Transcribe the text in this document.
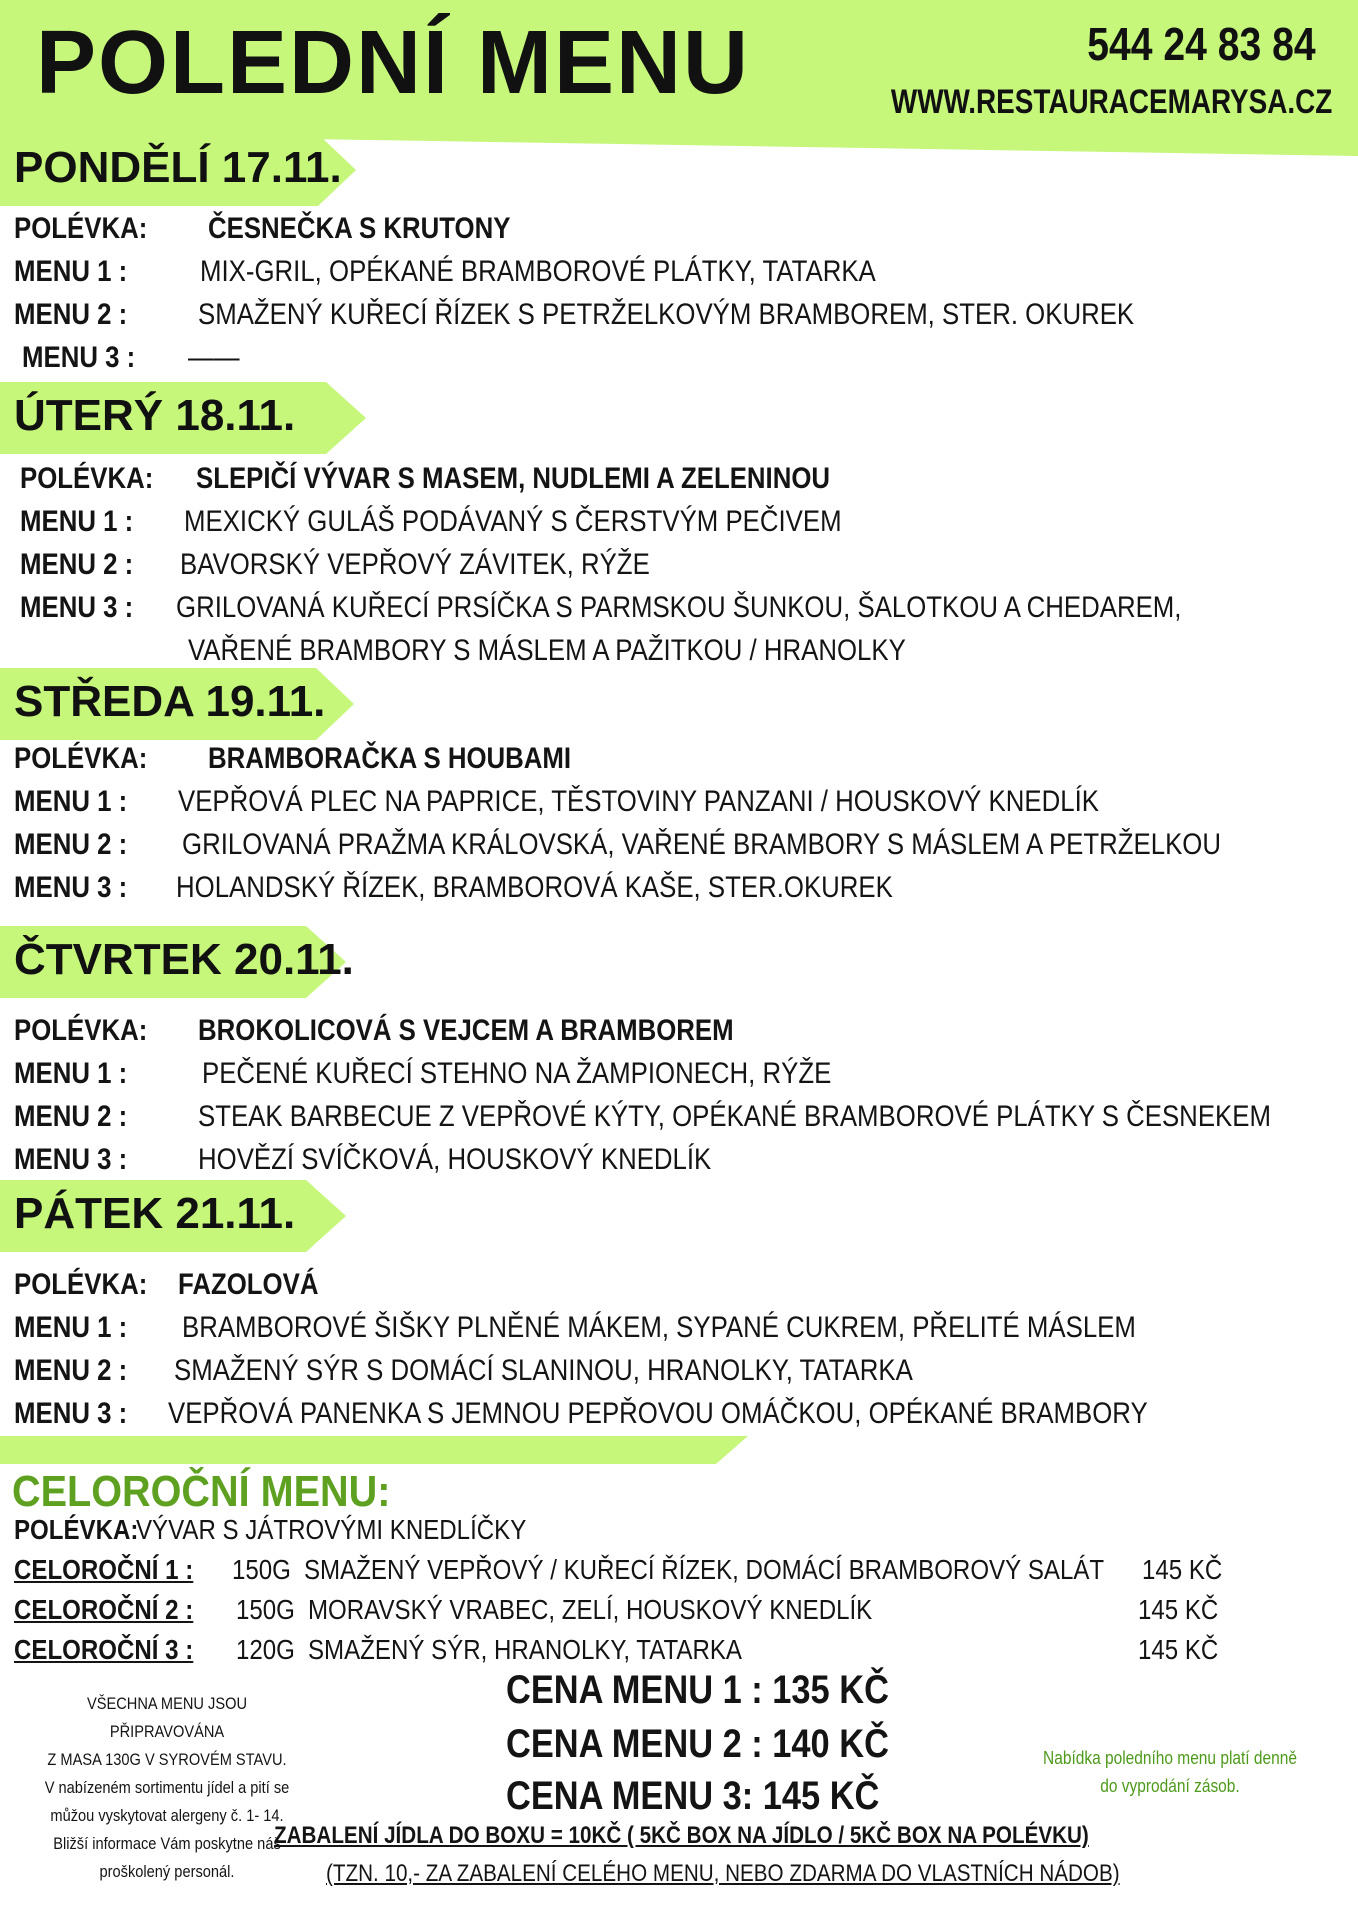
POLEDNÍ MENU	544 24 83 84
WWW.RESTAURACEMARYSA.CZ
PONDĚLÍ 17.11.
POLÉVKA: ČESNEČKA S KRUTONY
MENU 1 : MIX-GRIL, OPÉKANÉ BRAMBOROVÉ PLÁTKY, TATARKA
MENU 2 : SMAŽENÝ KUŘECÍ ŘÍZEK S PETRŽELKOVÝM BRAMBOREM, STER. OKUREK
MENU 3 : ——
ÚTERÝ 18.11.
POLÉVKA: SLEPIČÍ VÝVAR S MASEM, NUDLEMI A ZELENINOU
MENU 1 : MEXICKÝ GULÁŠ PODÁVANÝ S ČERSTVÝM PEČIVEM
MENU 2 : BAVORSKÝ VEPŘOVÝ ZÁVITEK, RÝŽE
MENU 3 : GRILOVANÁ KUŘECÍ PRSÍČKA S PARMSKOU ŠUNKOU, ŠALOTKOU A CHEDAREM,
VAŘENÉ BRAMBORY S MÁSLEM A PAŽITKOU / HRANOLKY
STŘEDA 19.11.
POLÉVKA: BRAMBORAČKA S HOUBAMI
MENU 1 : VEPŘOVÁ PLEC NA PAPRICE, TĚSTOVINY PANZANI / HOUSKOVÝ KNEDLÍK
MENU 2 : GRILOVANÁ PRAŽMA KRÁLOVSKÁ, VAŘENÉ BRAMBORY S MÁSLEM A PETRŽELKOU
MENU 3 : HOLANDSKÝ ŘÍZEK, BRAMBOROVÁ KAŠE, STER.OKUREK
ČTVRTEK 20.11.
POLÉVKA: BROKOLICOVÁ S VEJCEM A BRAMBOREM
MENU 1 : PEČENÉ KUŘECÍ STEHNO NA ŽAMPIONECH, RÝŽE
MENU 2 : STEAK BARBECUE Z VEPŘOVÉ KÝTY, OPÉKANÉ BRAMBOROVÉ PLÁTKY S ČESNEKEM
MENU 3 : HOVĚZÍ SVÍČKOVÁ, HOUSKOVÝ KNEDLÍK
PÁTEK 21.11.
POLÉVKA: FAZOLOVÁ
MENU 1 : BRAMBOROVÉ ŠIŠKY PLNĚNÉ MÁKEM, SYPANÉ CUKREM, PŘELITÉ MÁSLEM
MENU 2 : SMAŽENÝ SÝR S DOMÁCÍ SLANINOU, HRANOLKY, TATARKA
MENU 3 : VEPŘOVÁ PANENKA S JEMNOU PEPŘOVOU OMÁČKOU, OPÉKANÉ BRAMBORY
CELOROČNÍ MENU:
POLÉVKA:
VÝVAR S JÁTROVÝMI KNEDLÍČKY
CELOROČNÍ 1 : 150G SMAŽENÝ VEPŘOVÝ / KUŘECÍ ŘÍZEK, DOMÁCÍ BRAMBOROVÝ SALÁT 145 KČ
CELOROČNÍ 2 : 150G MORAVSKÝ VRABEC, ZELÍ, HOUSKOVÝ KNEDLÍK	145 KČ
CELOROČNÍ 3 : 120G SMAŽENÝ SÝR, HRANOLKY, TATARKA	145 KČ
VŠECHNA MENU JSOU PŘIPRAVOVÁNA
Z MASA 130G V SYROVÉM STAVU.
V nabízeném sortimentu jídel a pití se
můžou vyskytovat alergeny č. 1- 14.
Bližší informace Vám poskytne náš
proškolený personál.
CENA MENU 1 : 135 KČ
CENA MENU 2 : 140 KČ
CENA MENU 3: 145 KČ
Nabídka poledního menu platí denně
do vyprodání zásob.
ZABALENÍ JÍDLA DO BOXU = 10KČ ( 5KČ BOX NA JÍDLO / 5KČ BOX NA POLÉVKU)
(TZN. 10,- ZA ZABALENÍ CELÉHO MENU, NEBO ZDARMA DO VLASTNÍCH NÁDOB)
